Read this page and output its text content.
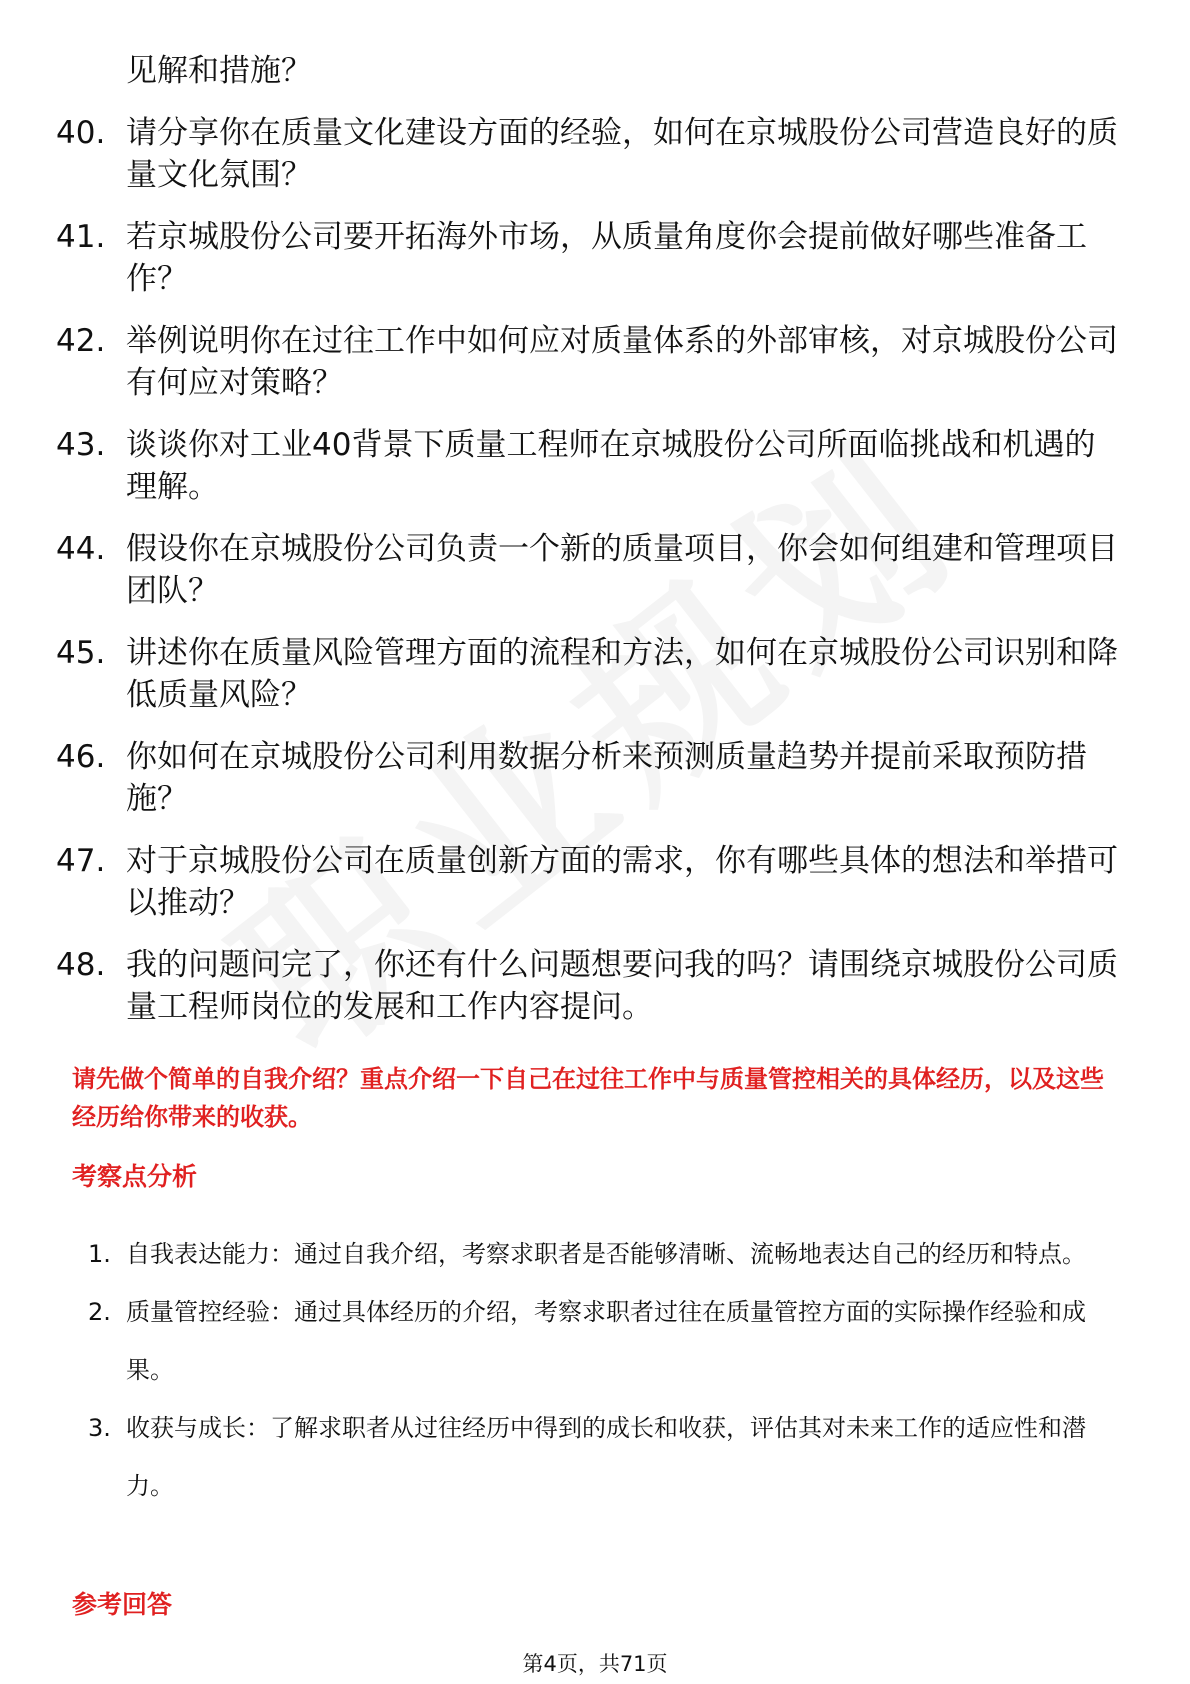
见解和措施？
40. 请分享你在质量文化建设方面的经验，如何在京城股份公司营造良好的质量文化氛围？
41. 若京城股份公司要开拓海外市场，从质量角度你会提前做好哪些准备工作？
42. 举例说明你在过往工作中如何应对质量体系的外部审核，对京城股份公司有何应对策略？
43. 谈谈你对工业40背景下质量工程师在京城股份公司所面临挑战和机遇的理解。
44. 假设你在京城股份公司负责一个新的质量项目，你会如何组建和管理项目团队？
45. 讲述你在质量风险管理方面的流程和方法，如何在京城股份公司识别和降低质量风险？
46. 你如何在京城股份公司利用数据分析来预测质量趋势并提前采取预防措施？
47. 对于京城股份公司在质量创新方面的需求，你有哪些具体的想法和举措可以推动？
48. 我的问题问完了，你还有什么问题想要问我的吗？请围绕京城股份公司质量工程师岗位的发展和工作内容提问。
请先做个简单的自我介绍？重点介绍一下自己在过往工作中与质量管控相关的具体经历，以及这些经历给你带来的收获。
考察点分析
1. 自我表达能力：通过自我介绍，考察求职者是否能够清晰、流畅地表达自己的经历和特点。
2. 质量管控经验：通过具体经历的介绍，考察求职者过往在质量管控方面的实际操作经验和成果。
3. 收获与成长：了解求职者从过往经历中得到的成长和收获，评估其对未来工作的适应性和潜力。
参考回答
第4页，共71页
